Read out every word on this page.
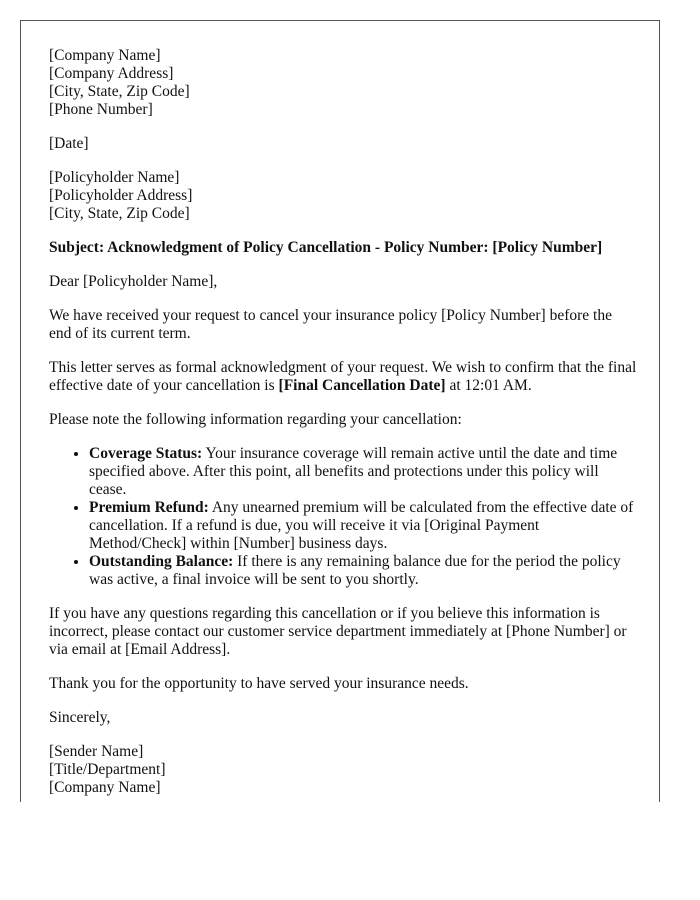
[Company Name]
[Company Address]
[City, State, Zip Code]
[Phone Number]

[Date]

[Policyholder Name]
[Policyholder Address]
[City, State, Zip Code]

Subject: Acknowledgment of Policy Cancellation - Policy Number: [Policy Number]

Dear [Policyholder Name],

We have received your request to cancel your insurance policy [Policy Number] before the end of its current term.

This letter serves as formal acknowledgment of your request. We wish to confirm that the final effective date of your cancellation is [Final Cancellation Date] at 12:01 AM.

Please note the following information regarding your cancellation:

• Coverage Status: Your insurance coverage will remain active until the date and time specified above. After this point, all benefits and protections under this policy will cease.
• Premium Refund: Any unearned premium will be calculated from the effective date of cancellation. If a refund is due, you will receive it via [Original Payment Method/Check] within [Number] business days.
• Outstanding Balance: If there is any remaining balance due for the period the policy was active, a final invoice will be sent to you shortly.

If you have any questions regarding this cancellation or if you believe this information is incorrect, please contact our customer service department immediately at [Phone Number] or via email at [Email Address].

Thank you for the opportunity to have served your insurance needs.

Sincerely,

[Sender Name]
[Title/Department]
[Company Name]
